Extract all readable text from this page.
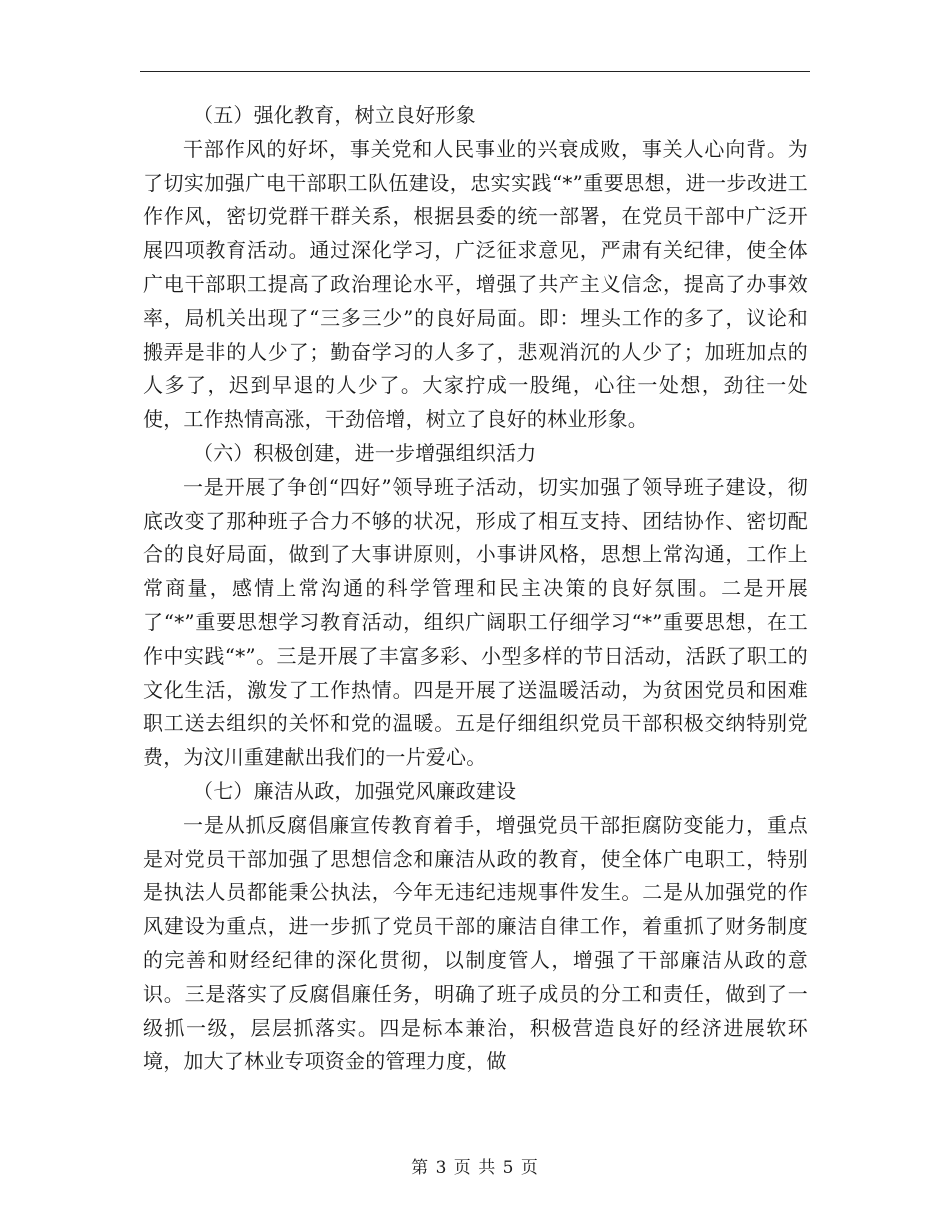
（五）强化教育，树立良好形象

干部作风的好坏，事关党和人民事业的兴衰成败，事关人心向背。为了切实加强广电干部职工队伍建设，忠实实践“*”重要思想，进一步改进工作作风，密切党群干群关系，根据县委的统一部署，在党员干部中广泛开展四项教育活动。通过深化学习，广泛征求意见，严肃有关纪律，使全体广电干部职工提高了政治理论水平，增强了共产主义信念，提高了办事效率，局机关出现了“三多三少”的良好局面。即：埋头工作的多了，议论和搬弄是非的人少了；勤奋学习的人多了，悲观消沉的人少了；加班加点的人多了，迟到早退的人少了。大家拧成一股绳，心往一处想，劲往一处使，工作热情高涨，干劲倍增，树立了良好的林业形象。

（六）积极创建，进一步增强组织活力

一是开展了争创“四好”领导班子活动，切实加强了领导班子建设，彻底改变了那种班子合力不够的状况，形成了相互支持、团结协作、密切配合的良好局面，做到了大事讲原则，小事讲风格，思想上常沟通，工作上常商量，感情上常沟通的科学管理和民主决策的良好氛围。二是开展了“*”重要思想学习教育活动，组织广阔职工仔细学习“*”重要思想，在工作中实践“*”。三是开展了丰富多彩、小型多样的节日活动，活跃了职工的文化生活，激发了工作热情。四是开展了送温暖活动，为贫困党员和困难职工送去组织的关怀和党的温暖。五是仔细组织党员干部积极交纳特别党费，为汶川重建献出我们的一片爱心。

（七）廉洁从政，加强党风廉政建设

一是从抓反腐倡廉宣传教育着手，增强党员干部拒腐防变能力，重点是对党员干部加强了思想信念和廉洁从政的教育，使全体广电职工，特别是执法人员都能秉公执法，今年无违纪违规事件发生。二是从加强党的作风建设为重点，进一步抓了党员干部的廉洁自律工作，着重抓了财务制度的完善和财经纪律的深化贯彻，以制度管人，增强了干部廉洁从政的意识。三是落实了反腐倡廉任务，明确了班子成员的分工和责任，做到了一级抓一级，层层抓落实。四是标本兼治，积极营造良好的经济进展软环境，加大了林业专项资金的管理力度，做

第 3 页 共 5 页
